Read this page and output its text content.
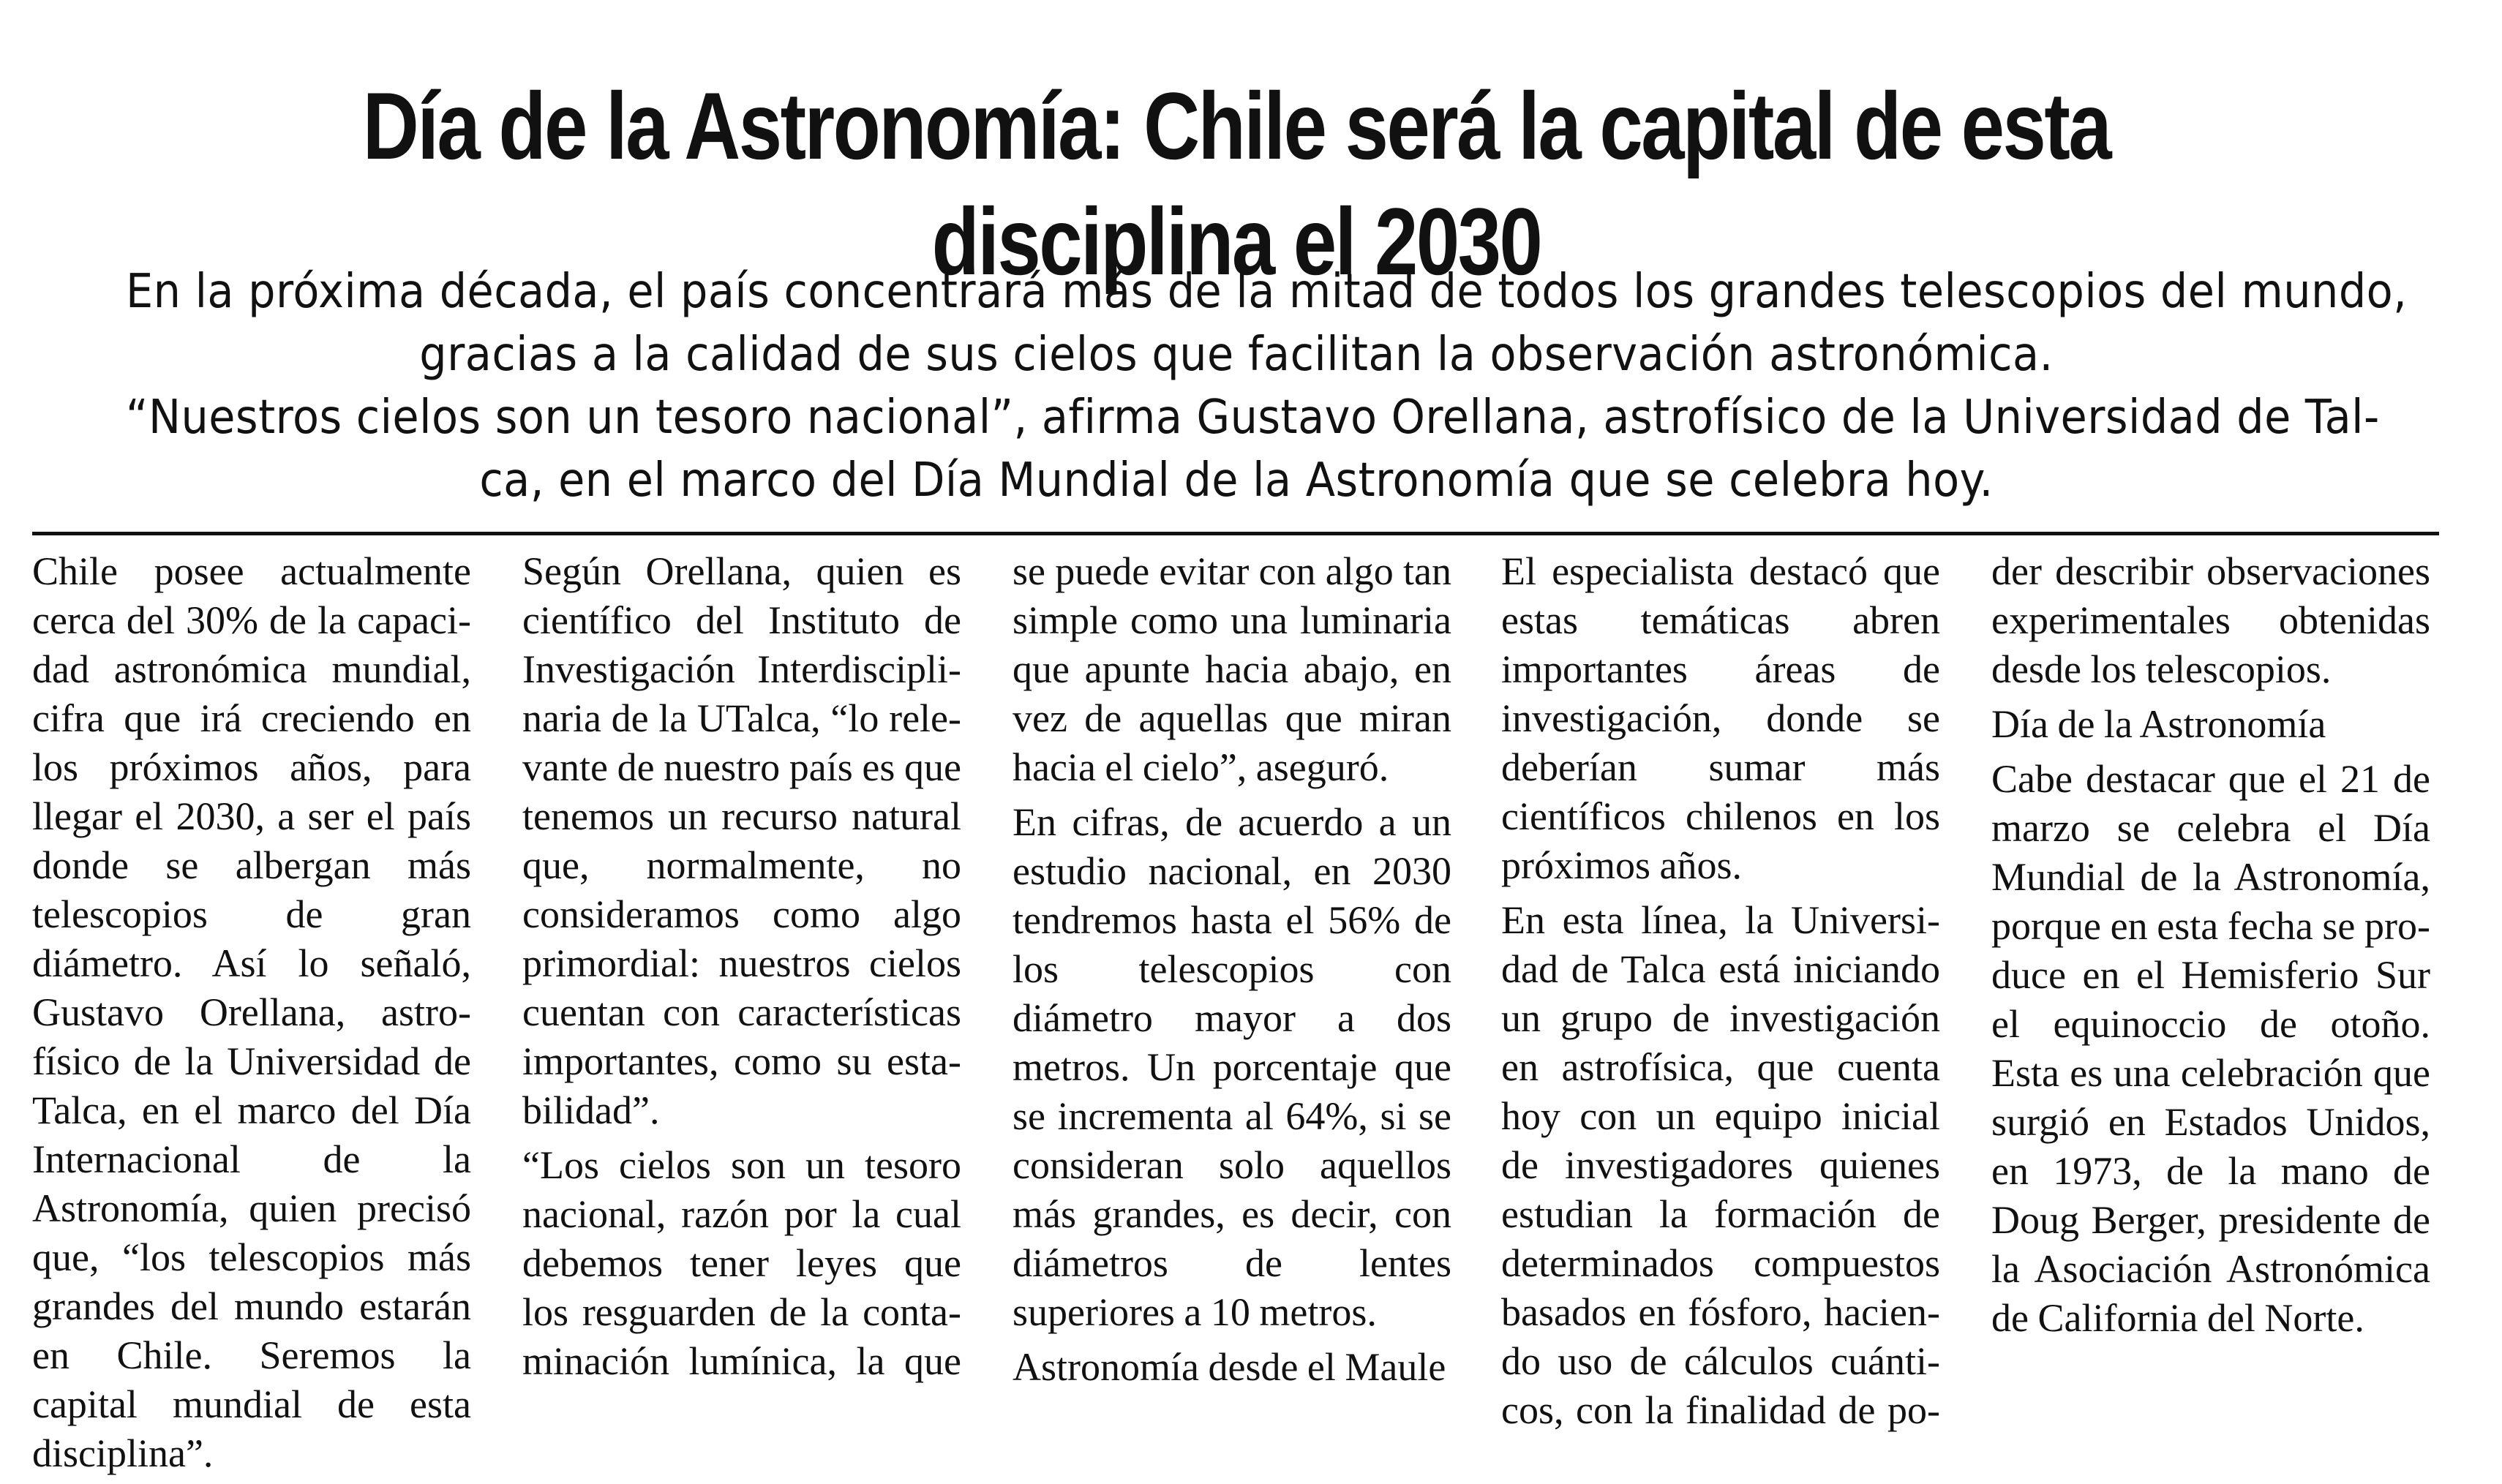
Día de la Astronomía: Chile será la capital de esta
disciplina el 2030
En la próxima década, el país concentrará más de la mitad de todos los grandes telescopios del mundo,
gracias a la calidad de sus cielos que facilitan la observación astronómica.
“Nuestros cielos son un tesoro nacional”, afirma Gustavo Orellana, astrofísico de la Universidad de Tal-
ca, en el marco del Día Mundial de la Astronomía que se celebra hoy.

Chile posee actualmente cerca del 30% de la capacidad astronómica mundial, cifra que irá creciendo en los próximos años, para llegar el 2030, a ser el país donde se albergan más telescopios de gran diámetro. Así lo señaló, Gustavo Orellana, astrofísico de la Universidad de Talca, en el marco del Día Internacional de la Astronomía, quien precisó que, “los telescopios más grandes del mundo estarán en Chile. Seremos la capital mundial de esta disciplina”.

Según Orellana, quien es científico del Instituto de Investigación Interdisciplinaria de la UTalca, “lo relevante de nuestro país es que tenemos un recurso natural que, normalmente, no consideramos como algo primordial: nuestros cielos cuentan con características importantes, como su estabilidad”.

“Los cielos son un tesoro nacional, razón por la cual debemos tener leyes que los resguarden de la contaminación lumínica, la que

se puede evitar con algo tan simple como una luminaria que apunte hacia abajo, en vez de aquellas que miran hacia el cielo”, aseguró.

En cifras, de acuerdo a un estudio nacional, en 2030 tendremos hasta el 56% de los telescopios con diámetro mayor a dos metros. Un porcentaje que se incrementa al 64%, si se consideran solo aquellos más grandes, es decir, con diámetros de lentes superiores a 10 metros.

Astronomía desde el Maule

El especialista destacó que estas temáticas abren importantes áreas de investigación, donde se deberían sumar más científicos chilenos en los próximos años.

En esta línea, la Universidad de Talca está iniciando un grupo de investigación en astrofísica, que cuenta hoy con un equipo inicial de investigadores quienes estudian la formación de determinados compuestos basados en fósforo, haciendo uso de cálculos cuánticos, con la finalidad de po-

der describir observaciones experimentales obtenidas desde los telescopios.

Día de la Astronomía

Cabe destacar que el 21 de marzo se celebra el Día Mundial de la Astronomía, porque en esta fecha se produce en el Hemisferio Sur el equinoccio de otoño. Esta es una celebración que surgió en Estados Unidos, en 1973, de la mano de Doug Berger, presidente de la Asociación Astronómica de California del Norte.
